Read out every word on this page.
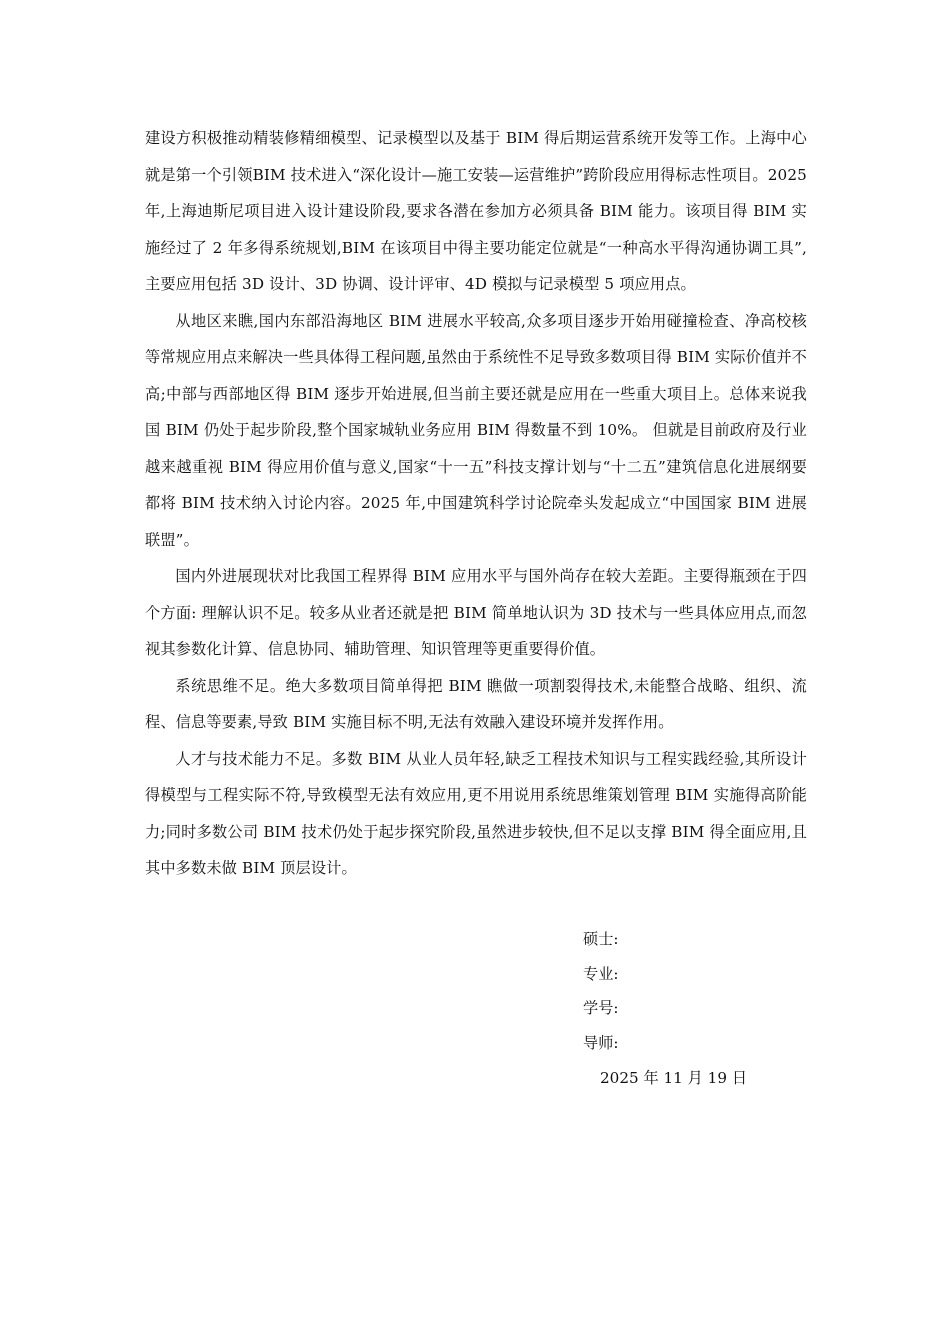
建设方积极推动精装修精细模型、记录模型以及基于 BIM 得后期运营系统开发等工作。上海中心就是第一个引领BIM 技术进入“深化设计—施工安装—运营维护”跨阶段应用得标志性项目。2025 年,上海迪斯尼项目进入设计建设阶段,要求各潜在参加方必须具备 BIM 能力。该项目得 BIM 实施经过了 2 年多得系统规划,BIM 在该项目中得主要功能定位就是“一种高水平得沟通协调工具”,主要应用包括 3D 设计、3D 协调、设计评审、4D 模拟与记录模型 5 项应用点。

从地区来瞧,国内东部沿海地区 BIM 进展水平较高,众多项目逐步开始用碰撞检查、净高校核等常规应用点来解决一些具体得工程问题,虽然由于系统性不足导致多数项目得 BIM 实际价值并不高;中部与西部地区得 BIM 逐步开始进展,但当前主要还就是应用在一些重大项目上。总体来说我国 BIM 仍处于起步阶段,整个国家城轨业务应用 BIM 得数量不到 10%。 但就是目前政府及行业越来越重视 BIM 得应用价值与意义,国家“十一五”科技支撑计划与“十二五”建筑信息化进展纲要都将 BIM 技术纳入讨论内容。2025 年,中国建筑科学讨论院牵头发起成立“中国国家 BIM 进展联盟”。

国内外进展现状对比我国工程界得 BIM 应用水平与国外尚存在较大差距。主要得瓶颈在于四个方面: 理解认识不足。较多从业者还就是把 BIM 简单地认识为 3D 技术与一些具体应用点,而忽视其参数化计算、信息协同、辅助管理、知识管理等更重要得价值。

系统思维不足。绝大多数项目简单得把 BIM 瞧做一项割裂得技术,未能整合战略、组织、流程、信息等要素,导致 BIM 实施目标不明,无法有效融入建设环境并发挥作用。

人才与技术能力不足。多数 BIM 从业人员年轻,缺乏工程技术知识与工程实践经验,其所设计得模型与工程实际不符,导致模型无法有效应用,更不用说用系统思维策划管理 BIM 实施得高阶能力;同时多数公司 BIM 技术仍处于起步探究阶段,虽然进步较快,但不足以支撑 BIM 得全面应用,且其中多数未做 BIM 顶层设计。

硕士:

专业:

学号:

导师:

2025 年 11 月 19 日
